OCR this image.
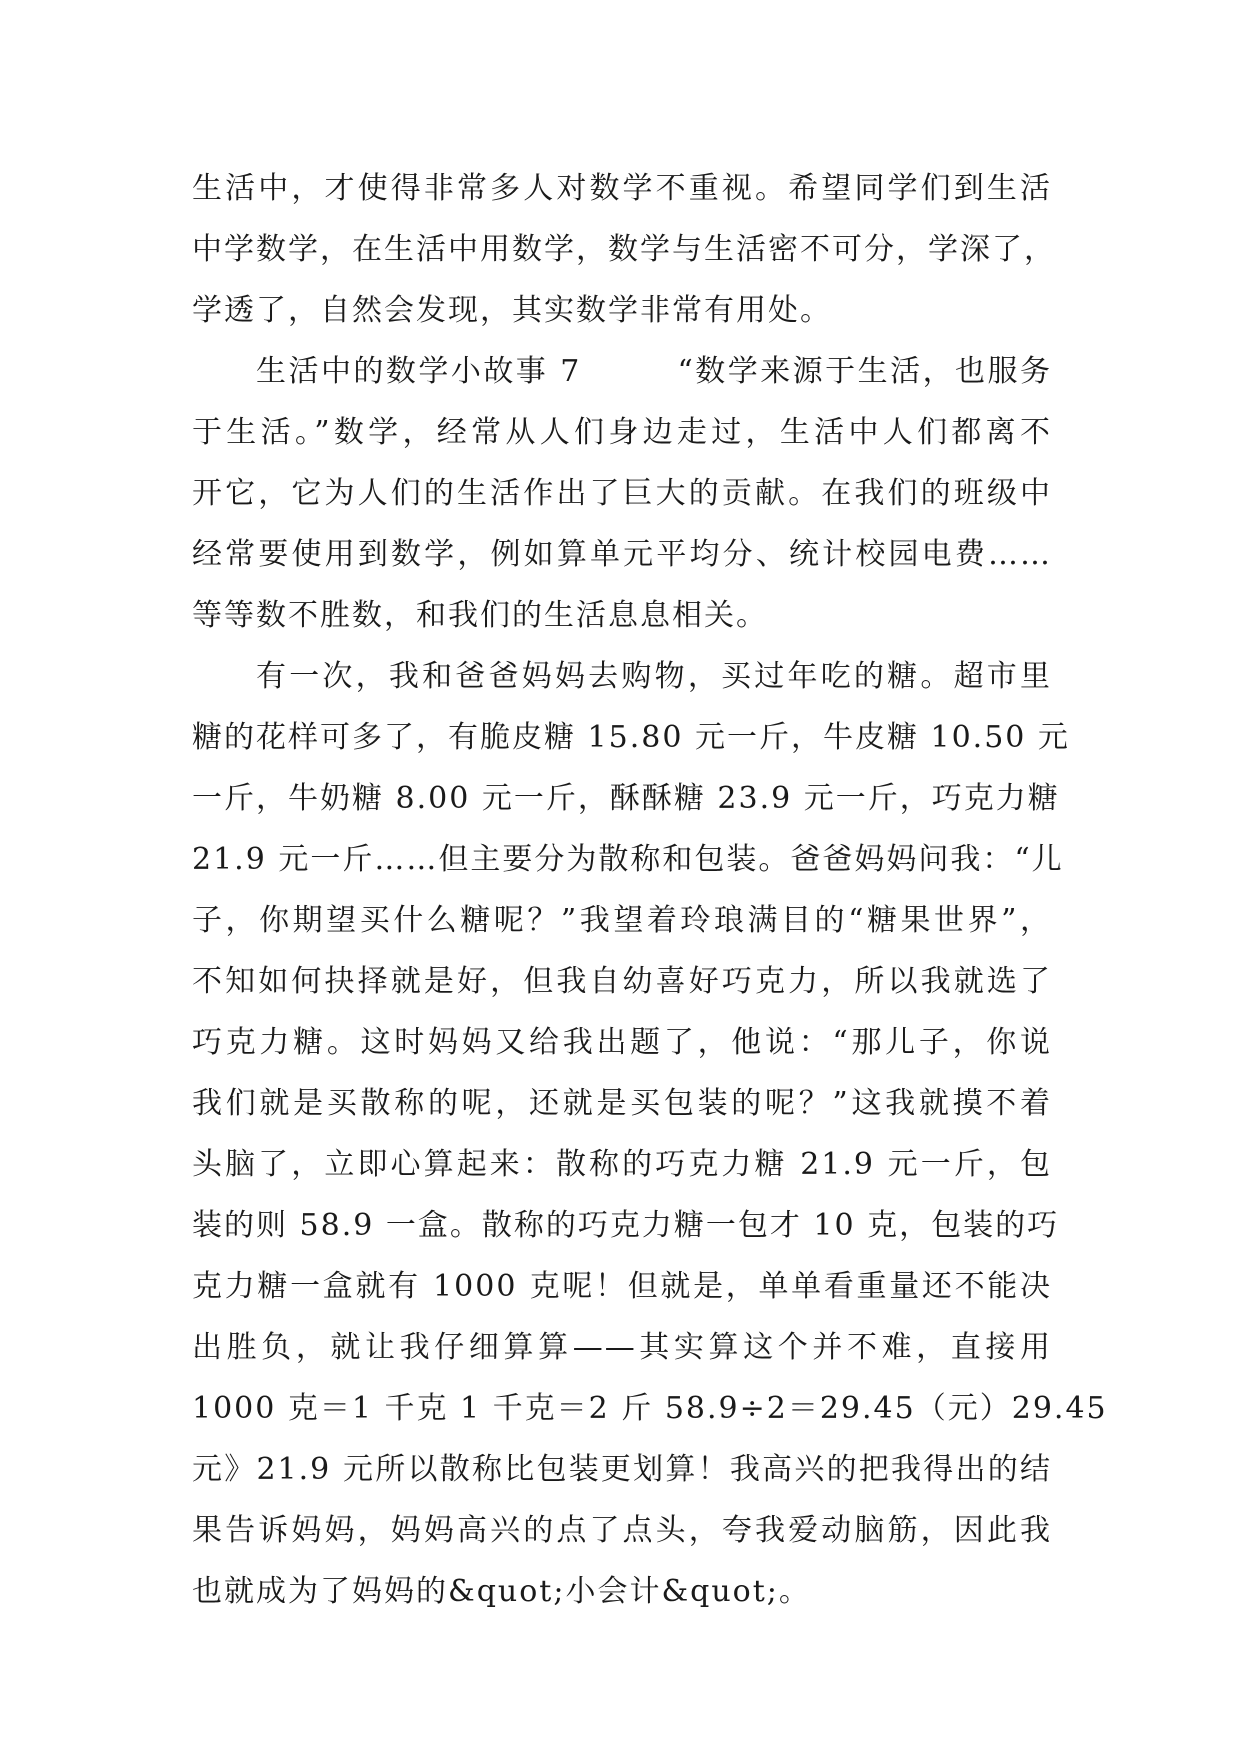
生活中，才使得非常多人对数学不重视。希望同学们到生活
中学数学，在生活中用数学，数学与生活密不可分，学深了，
学透了，自然会发现，其实数学非常有用处。
生活中的数学小故事 7        “数学来源于生活，也服务
于生活。”数学，经常从人们身边走过，生活中人们都离不
开它，它为人们的生活作出了巨大的贡献。在我们的班级中
经常要使用到数学，例如算单元平均分、统计校园电费……
等等数不胜数，和我们的生活息息相关。
有一次，我和爸爸妈妈去购物，买过年吃的糖。超市里
糖的花样可多了，有脆皮糖 15.80 元一斤，牛皮糖 10.50 元
一斤，牛奶糖 8.00 元一斤，酥酥糖 23.9 元一斤，巧克力糖
21.9 元一斤……但主要分为散称和包装。爸爸妈妈问我：“儿
子，你期望买什么糖呢？”我望着玲琅满目的“糖果世界”，
不知如何抉择就是好，但我自幼喜好巧克力，所以我就选了
巧克力糖。这时妈妈又给我出题了，他说：“那儿子，你说
我们就是买散称的呢，还就是买包装的呢？”这我就摸不着
头脑了，立即心算起来：散称的巧克力糖 21.9 元一斤，包
装的则 58.9 一盒。散称的巧克力糖一包才 10 克，包装的巧
克力糖一盒就有 1000 克呢！但就是，单单看重量还不能决
出胜负，就让我仔细算算——其实算这个并不难，直接用
1000 克＝1 千克 1 千克＝2 斤 58.9÷2＝29.45（元）29.45
元》21.9 元所以散称比包装更划算！我高兴的把我得出的结
果告诉妈妈，妈妈高兴的点了点头，夸我爱动脑筋，因此我
也就成为了妈妈的&quot;小会计&quot;。
